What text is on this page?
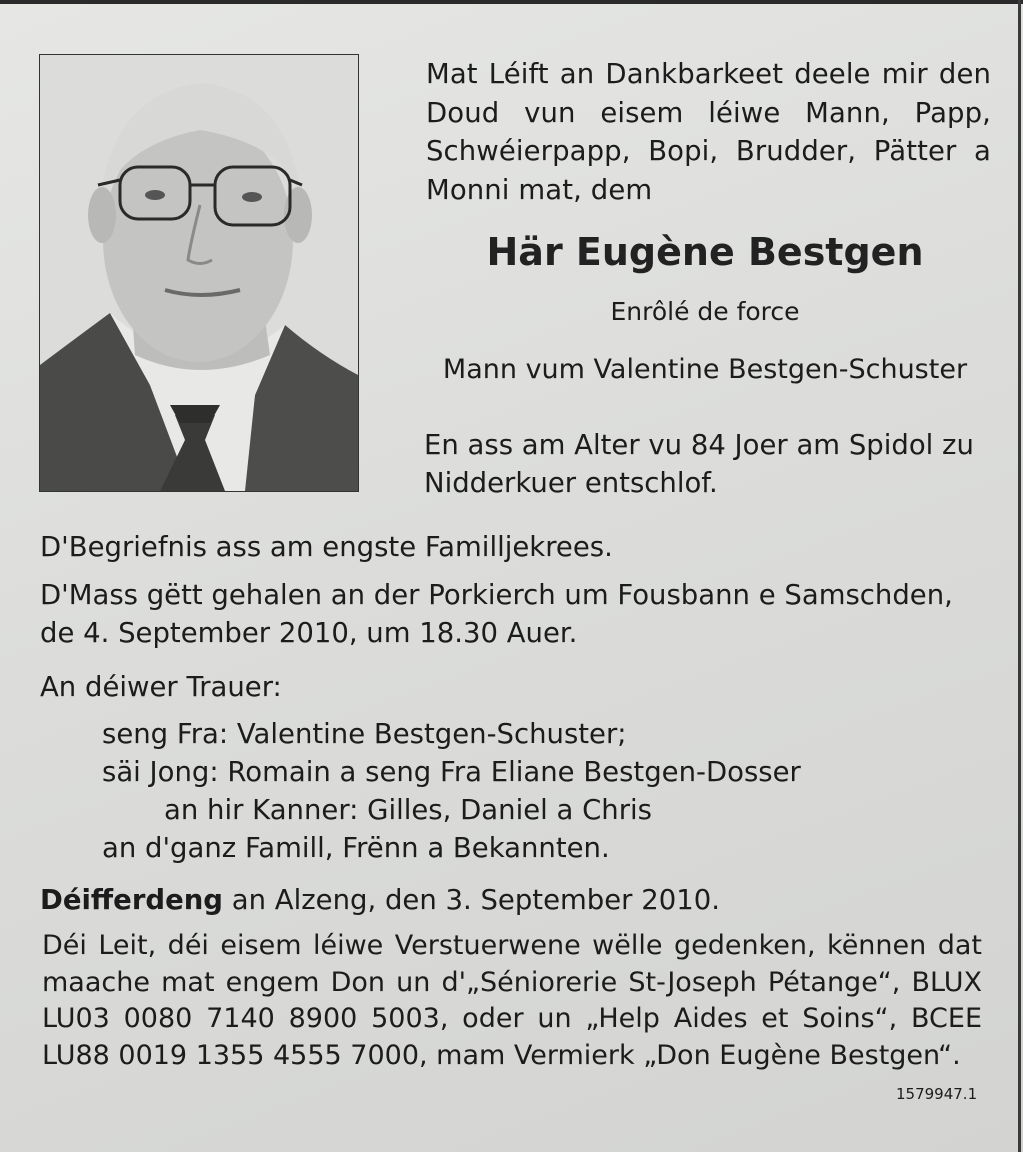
Mat Léift an Dankbarkeet deele mir den Doud vun eisem léiwe Mann, Papp, Schwéierpapp, Bopi, Brudder, Pätter a Monni mat, dem

Här Eugène Bestgen
Enrôlé de force
Mann vum Valentine Bestgen-Schuster
En ass am Alter vu 84 Joer am Spidol zu
Nidderkuer entschlof.
D'Begriefnis ass am engste Familljekrees.
D'Mass gëtt gehalen an der Porkierch um Fousbann e Samschden,
de 4. September 2010, um 18.30 Auer.
An déiwer Trauer:
seng Fra: Valentine Bestgen-Schuster;
säi Jong: Romain a seng Fra Eliane Bestgen-Dosser
an hir Kanner: Gilles, Daniel a Chris
an d'ganz Famill, Frënn a Bekannten.
Déifferdeng an Alzeng, den 3. September 2010.

Déi Leit, déi eisem léiwe Verstuerwene wëlle gedenken, kënnen dat maache mat engem Don un d'„Séniorerie St-Joseph Pétange“, BLUX LU03 0080 7140 8900 5003, oder un „Help Aides et Soins“, BCEE LU88 0019 1355 4555 7000, mam Vermierk „Don Eugène Bestgen“.

1579947.1
